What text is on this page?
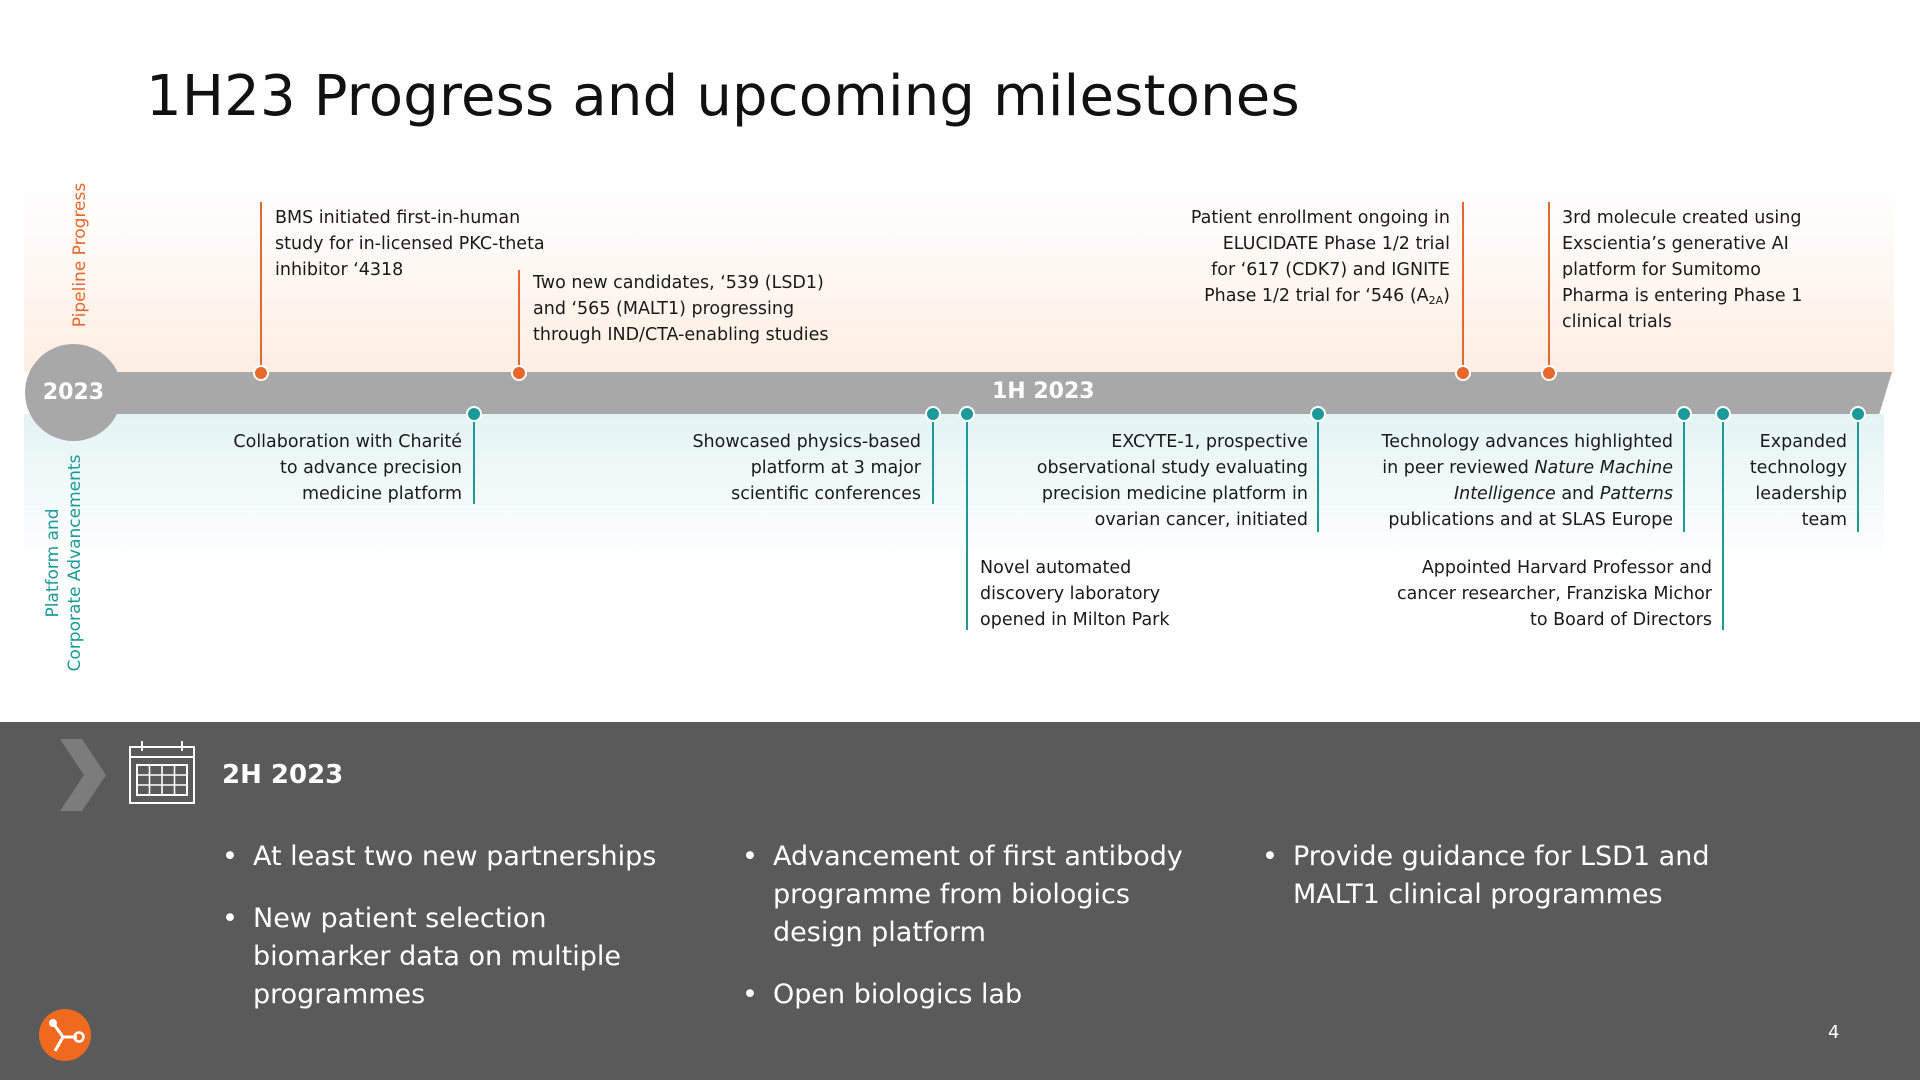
1H23 Progress and upcoming milestones
Pipeline Progress
Platform and Corporate Advancements
2023	1H 2023
BMS initiated first-in-human
study for in-licensed PKC-theta
inhibitor ‘4318
Two new candidates, ‘539 (LSD1)
and ‘565 (MALT1) progressing
through IND/CTA-enabling studies
Patient enrollment ongoing in
ELUCIDATE Phase 1/2 trial
for ‘617 (CDK7) and IGNITE
Phase 1/2 trial for ‘546 $(A_{2A})$
3rd molecule created using
Exscientia’s generative AI
platform for Sumitomo
Pharma is entering Phase 1
clinical trials
Collaboration with Charité
to advance precision
medicine platform
Showcased physics-based
platform at 3 major
scientific conferences
Novel automated
discovery laboratory
opened in Milton Park
EXCYTE-1, prospective
observational study evaluating
precision medicine platform in
ovarian cancer, initiated
Technology advances highlighted
in peer reviewed Nature Machine
Intelligence and Patterns
publications and at SLAS Europe
Appointed Harvard Professor and
cancer researcher, Franziska Michor
to Board of Directors
Expanded
technology
leadership
team
2H 2023
• At least two new partnerships
• New patient selection
biomarker data on multiple
programmes
• Advancement of first antibody
programme from biologics
design platform
• Open biologics lab
• Provide guidance for LSD1 and
MALT1 clinical programmes
4
